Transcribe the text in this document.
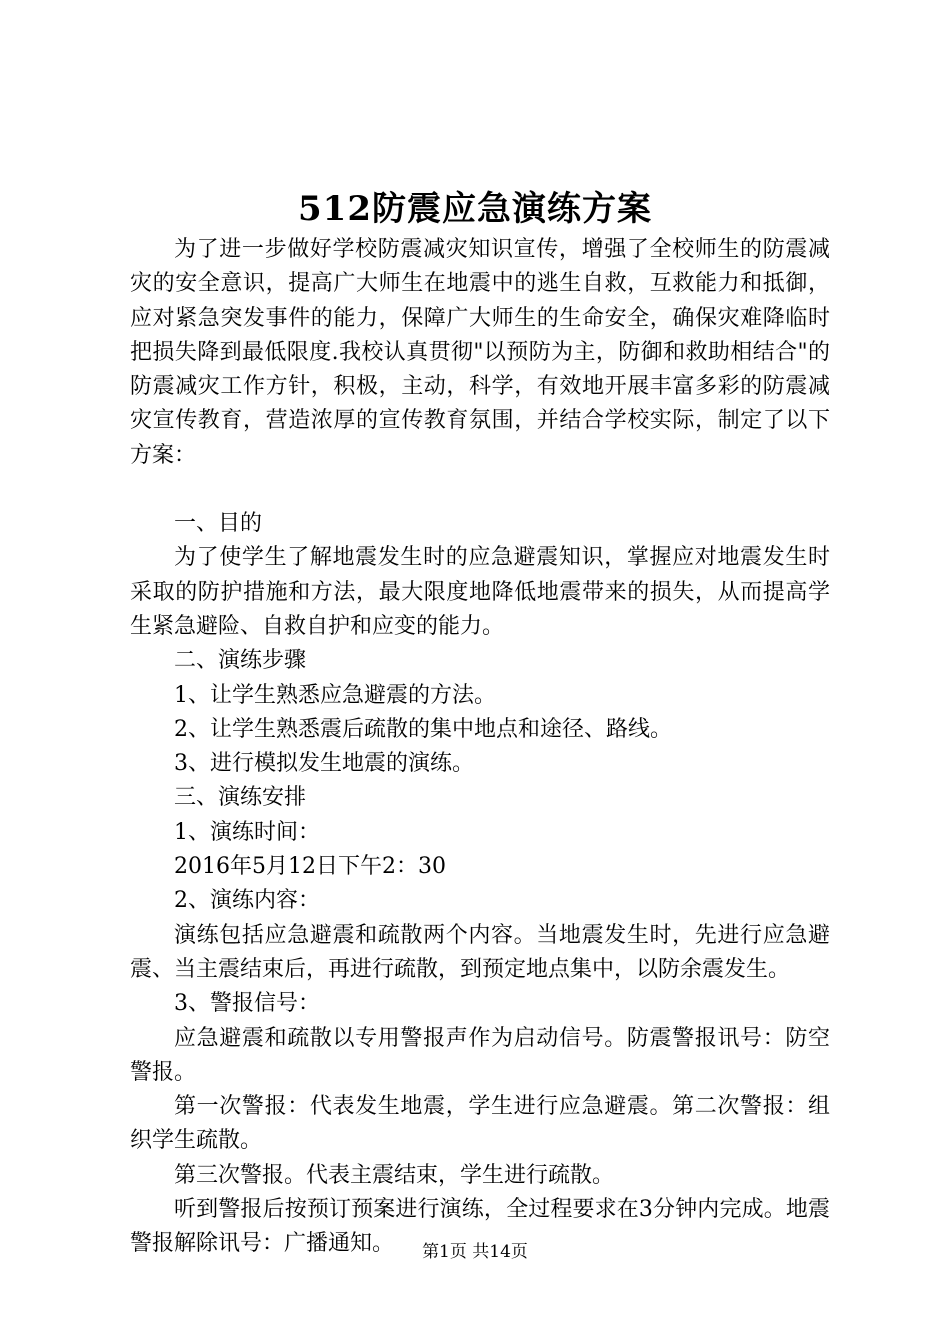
512防震应急演练方案

为了进一步做好学校防震减灾知识宣传，增强了全校师生的防震减灾的安全意识，提高广大师生在地震中的逃生自救，互救能力和抵御，应对紧急突发事件的能力，保障广大师生的生命安全，确保灾难降临时把损失降到最低限度.我校认真贯彻"以预防为主，防御和救助相结合"的防震减灾工作方针，积极，主动，科学，有效地开展丰富多彩的防震减灾宣传教育，营造浓厚的宣传教育氛围，并结合学校实际，制定了以下方案：

一、目的

为了使学生了解地震发生时的应急避震知识，掌握应对地震发生时采取的防护措施和方法，最大限度地降低地震带来的损失，从而提高学生紧急避险、自救自护和应变的能力。

二、演练步骤

1、让学生熟悉应急避震的方法。

2、让学生熟悉震后疏散的集中地点和途径、路线。

3、进行模拟发生地震的演练。

三、演练安排

1、演练时间：

2016年5月12日下午2：30

2、演练内容：

演练包括应急避震和疏散两个内容。当地震发生时，先进行应急避震、当主震结束后，再进行疏散，到预定地点集中，以防余震发生。

3、警报信号：

应急避震和疏散以专用警报声作为启动信号。防震警报讯号：防空警报。

第一次警报：代表发生地震，学生进行应急避震。第二次警报：组织学生疏散。

第三次警报。代表主震结束，学生进行疏散。

听到警报后按预订预案进行演练，全过程要求在3分钟内完成。地震警报解除讯号：广播通知。	第1页 共14页
